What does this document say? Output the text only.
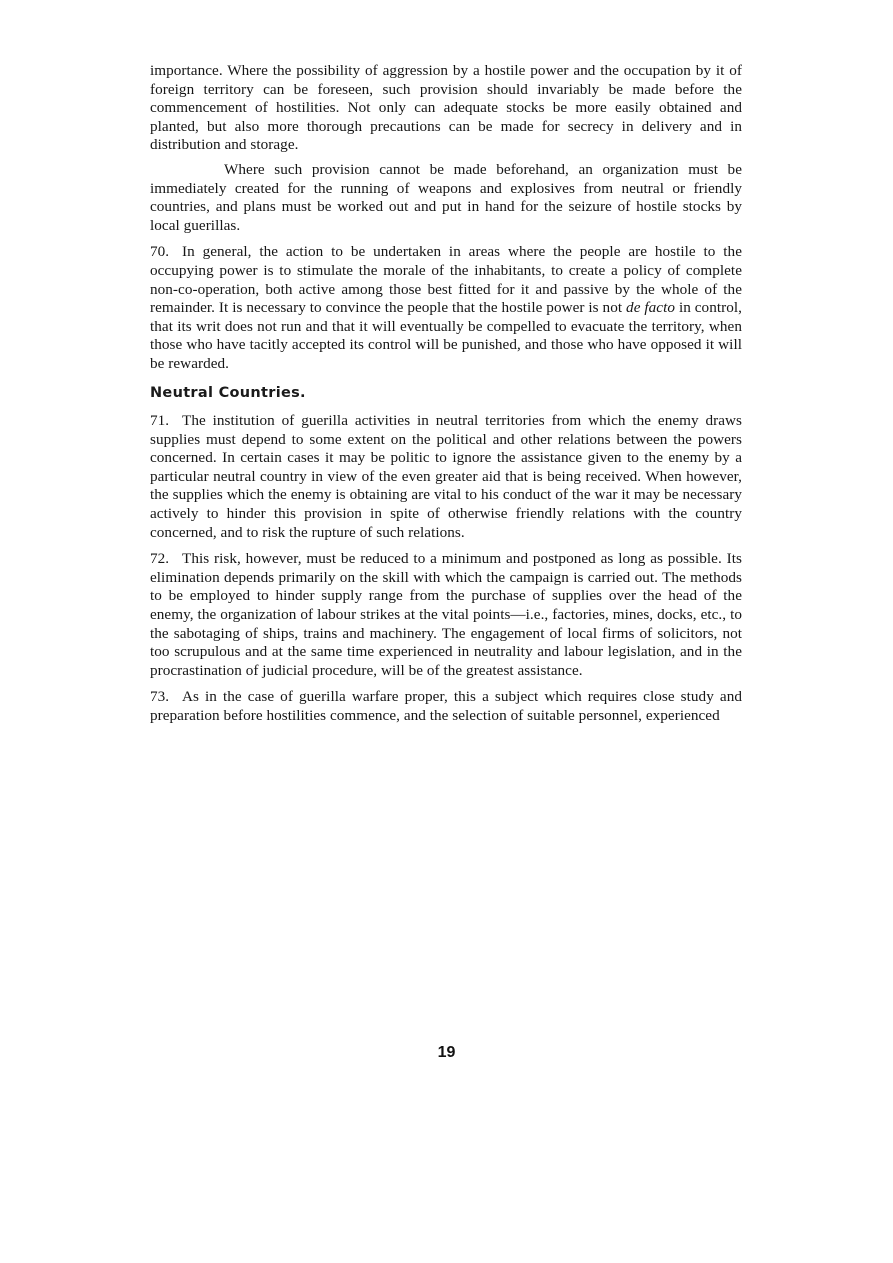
importance. Where the possibility of aggression by a hostile power and the occupation by it of foreign territory can be foreseen, such provision should invariably be made before the commencement of hostilities. Not only can adequate stocks be more easily obtained and planted, but also more thorough precautions can be made for secrecy in delivery and in distribution and storage.

Where such provision cannot be made beforehand, an organization must be immediately created for the running of weapons and explosives from neutral or friendly countries, and plans must be worked out and put in hand for the seizure of hostile stocks by local guerillas.

70. In general, the action to be undertaken in areas where the people are hostile to the occupying power is to stimulate the morale of the inhabitants, to create a policy of complete non-co-operation, both active among those best fitted for it and passive by the whole of the remainder. It is necessary to convince the people that the hostile power is not de facto in control, that its writ does not run and that it will eventually be compelled to evacuate the territory, when those who have tacitly accepted its control will be punished, and those who have opposed it will be rewarded.

Neutral Countries.

71. The institution of guerilla activities in neutral territories from which the enemy draws supplies must depend to some extent on the political and other relations between the powers concerned. In certain cases it may be politic to ignore the assistance given to the enemy by a particular neutral country in view of the even greater aid that is being received. When however, the supplies which the enemy is obtaining are vital to his conduct of the war it may be necessary actively to hinder this provision in spite of otherwise friendly relations with the country concerned, and to risk the rupture of such relations.

72. This risk, however, must be reduced to a minimum and postponed as long as possible. Its elimination depends primarily on the skill with which the campaign is carried out. The methods to be employed to hinder supply range from the purchase of supplies over the head of the enemy, the organization of labour strikes at the vital points—i.e., factories, mines, docks, etc., to the sabotaging of ships, trains and machinery. The engagement of local firms of solicitors, not too scrupulous and at the same time experienced in neutrality and labour legislation, and in the procrastination of judicial procedure, will be of the greatest assistance.

73. As in the case of guerilla warfare proper, this a subject which requires close study and preparation before hostilities commence, and the selection of suitable personnel, experienced

19
